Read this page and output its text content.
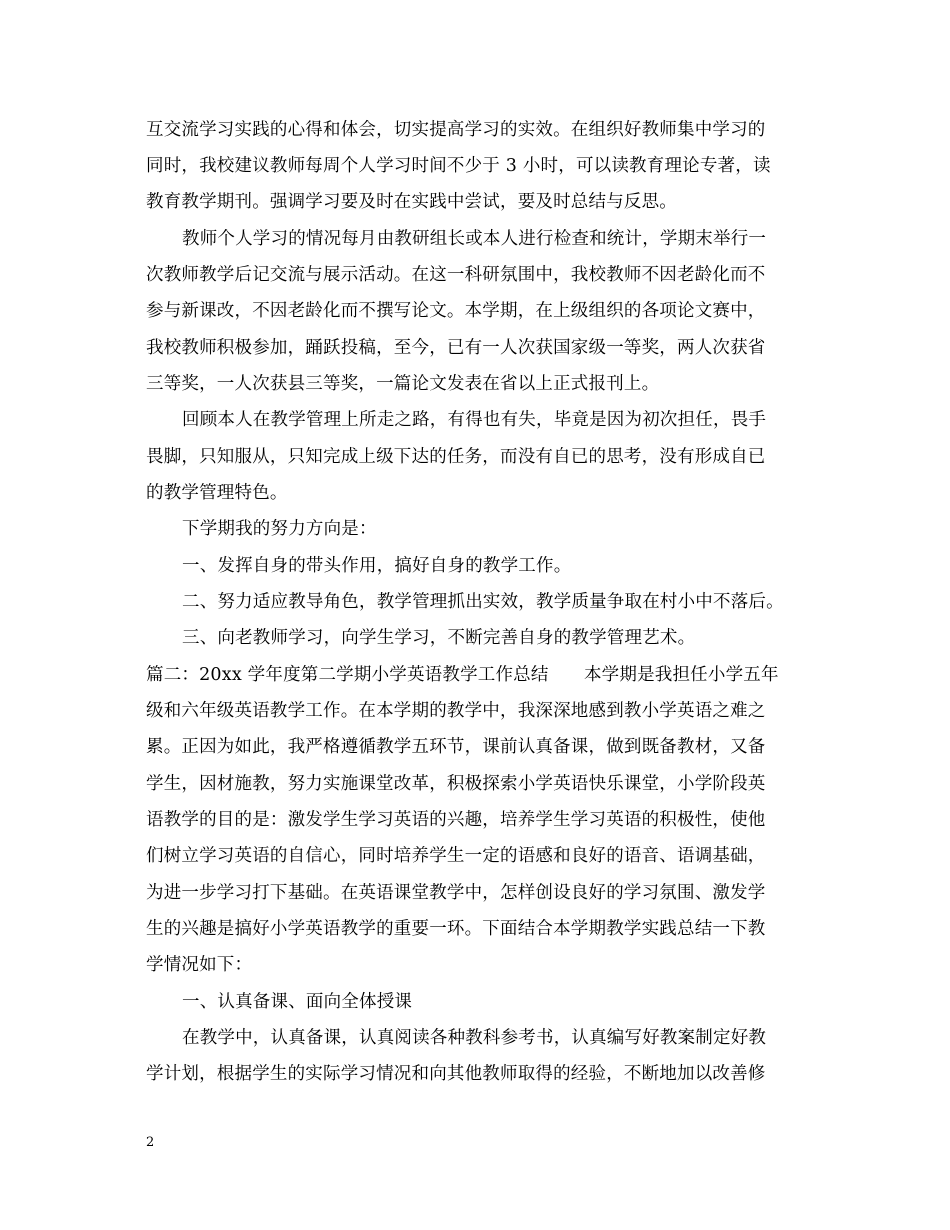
互交流学习实践的心得和体会，切实提高学习的实效。在组织好教师集中学习的
同时，我校建议教师每周个人学习时间不少于 3 小时，可以读教育理论专著，读
教育教学期刊。强调学习要及时在实践中尝试，要及时总结与反思。
教师个人学习的情况每月由教研组长或本人进行检查和统计，学期末举行一
次教师教学后记交流与展示活动。在这一科研氛围中，我校教师不因老龄化而不
参与新课改，不因老龄化而不撰写论文。本学期，在上级组织的各项论文赛中，
我校教师积极参加，踊跃投稿，至今，已有一人次获国家级一等奖，两人次获省
三等奖，一人次获县三等奖，一篇论文发表在省以上正式报刊上。
回顾本人在教学管理上所走之路，有得也有失，毕竟是因为初次担任，畏手
畏脚，只知服从，只知完成上级下达的任务，而没有自已的思考，没有形成自已
的教学管理特色。
下学期我的努力方向是：
一、发挥自身的带头作用，搞好自身的教学工作。
二、努力适应教导角色，教学管理抓出实效，教学质量争取在村小中不落后。
三、向老教师学习，向学生学习，不断完善自身的教学管理艺术。
篇二：20xx 学年度第二学期小学英语教学工作总结　　本学期是我担任小学五年
级和六年级英语教学工作。在本学期的教学中，我深深地感到教小学英语之难之
累。正因为如此，我严格遵循教学五环节，课前认真备课，做到既备教材，又备
学生，因材施教，努力实施课堂改革，积极探索小学英语快乐课堂，小学阶段英
语教学的目的是：激发学生学习英语的兴趣，培养学生学习英语的积极性，使他
们树立学习英语的自信心，同时培养学生一定的语感和良好的语音、语调基础，
为进一步学习打下基础。在英语课堂教学中，怎样创设良好的学习氛围、激发学
生的兴趣是搞好小学英语教学的重要一环。下面结合本学期教学实践总结一下教
学情况如下：
一、认真备课、面向全体授课
在教学中，认真备课，认真阅读各种教科参考书，认真编写好教案制定好教
学计划，根据学生的实际学习情况和向其他教师取得的经验，不断地加以改善修
2
